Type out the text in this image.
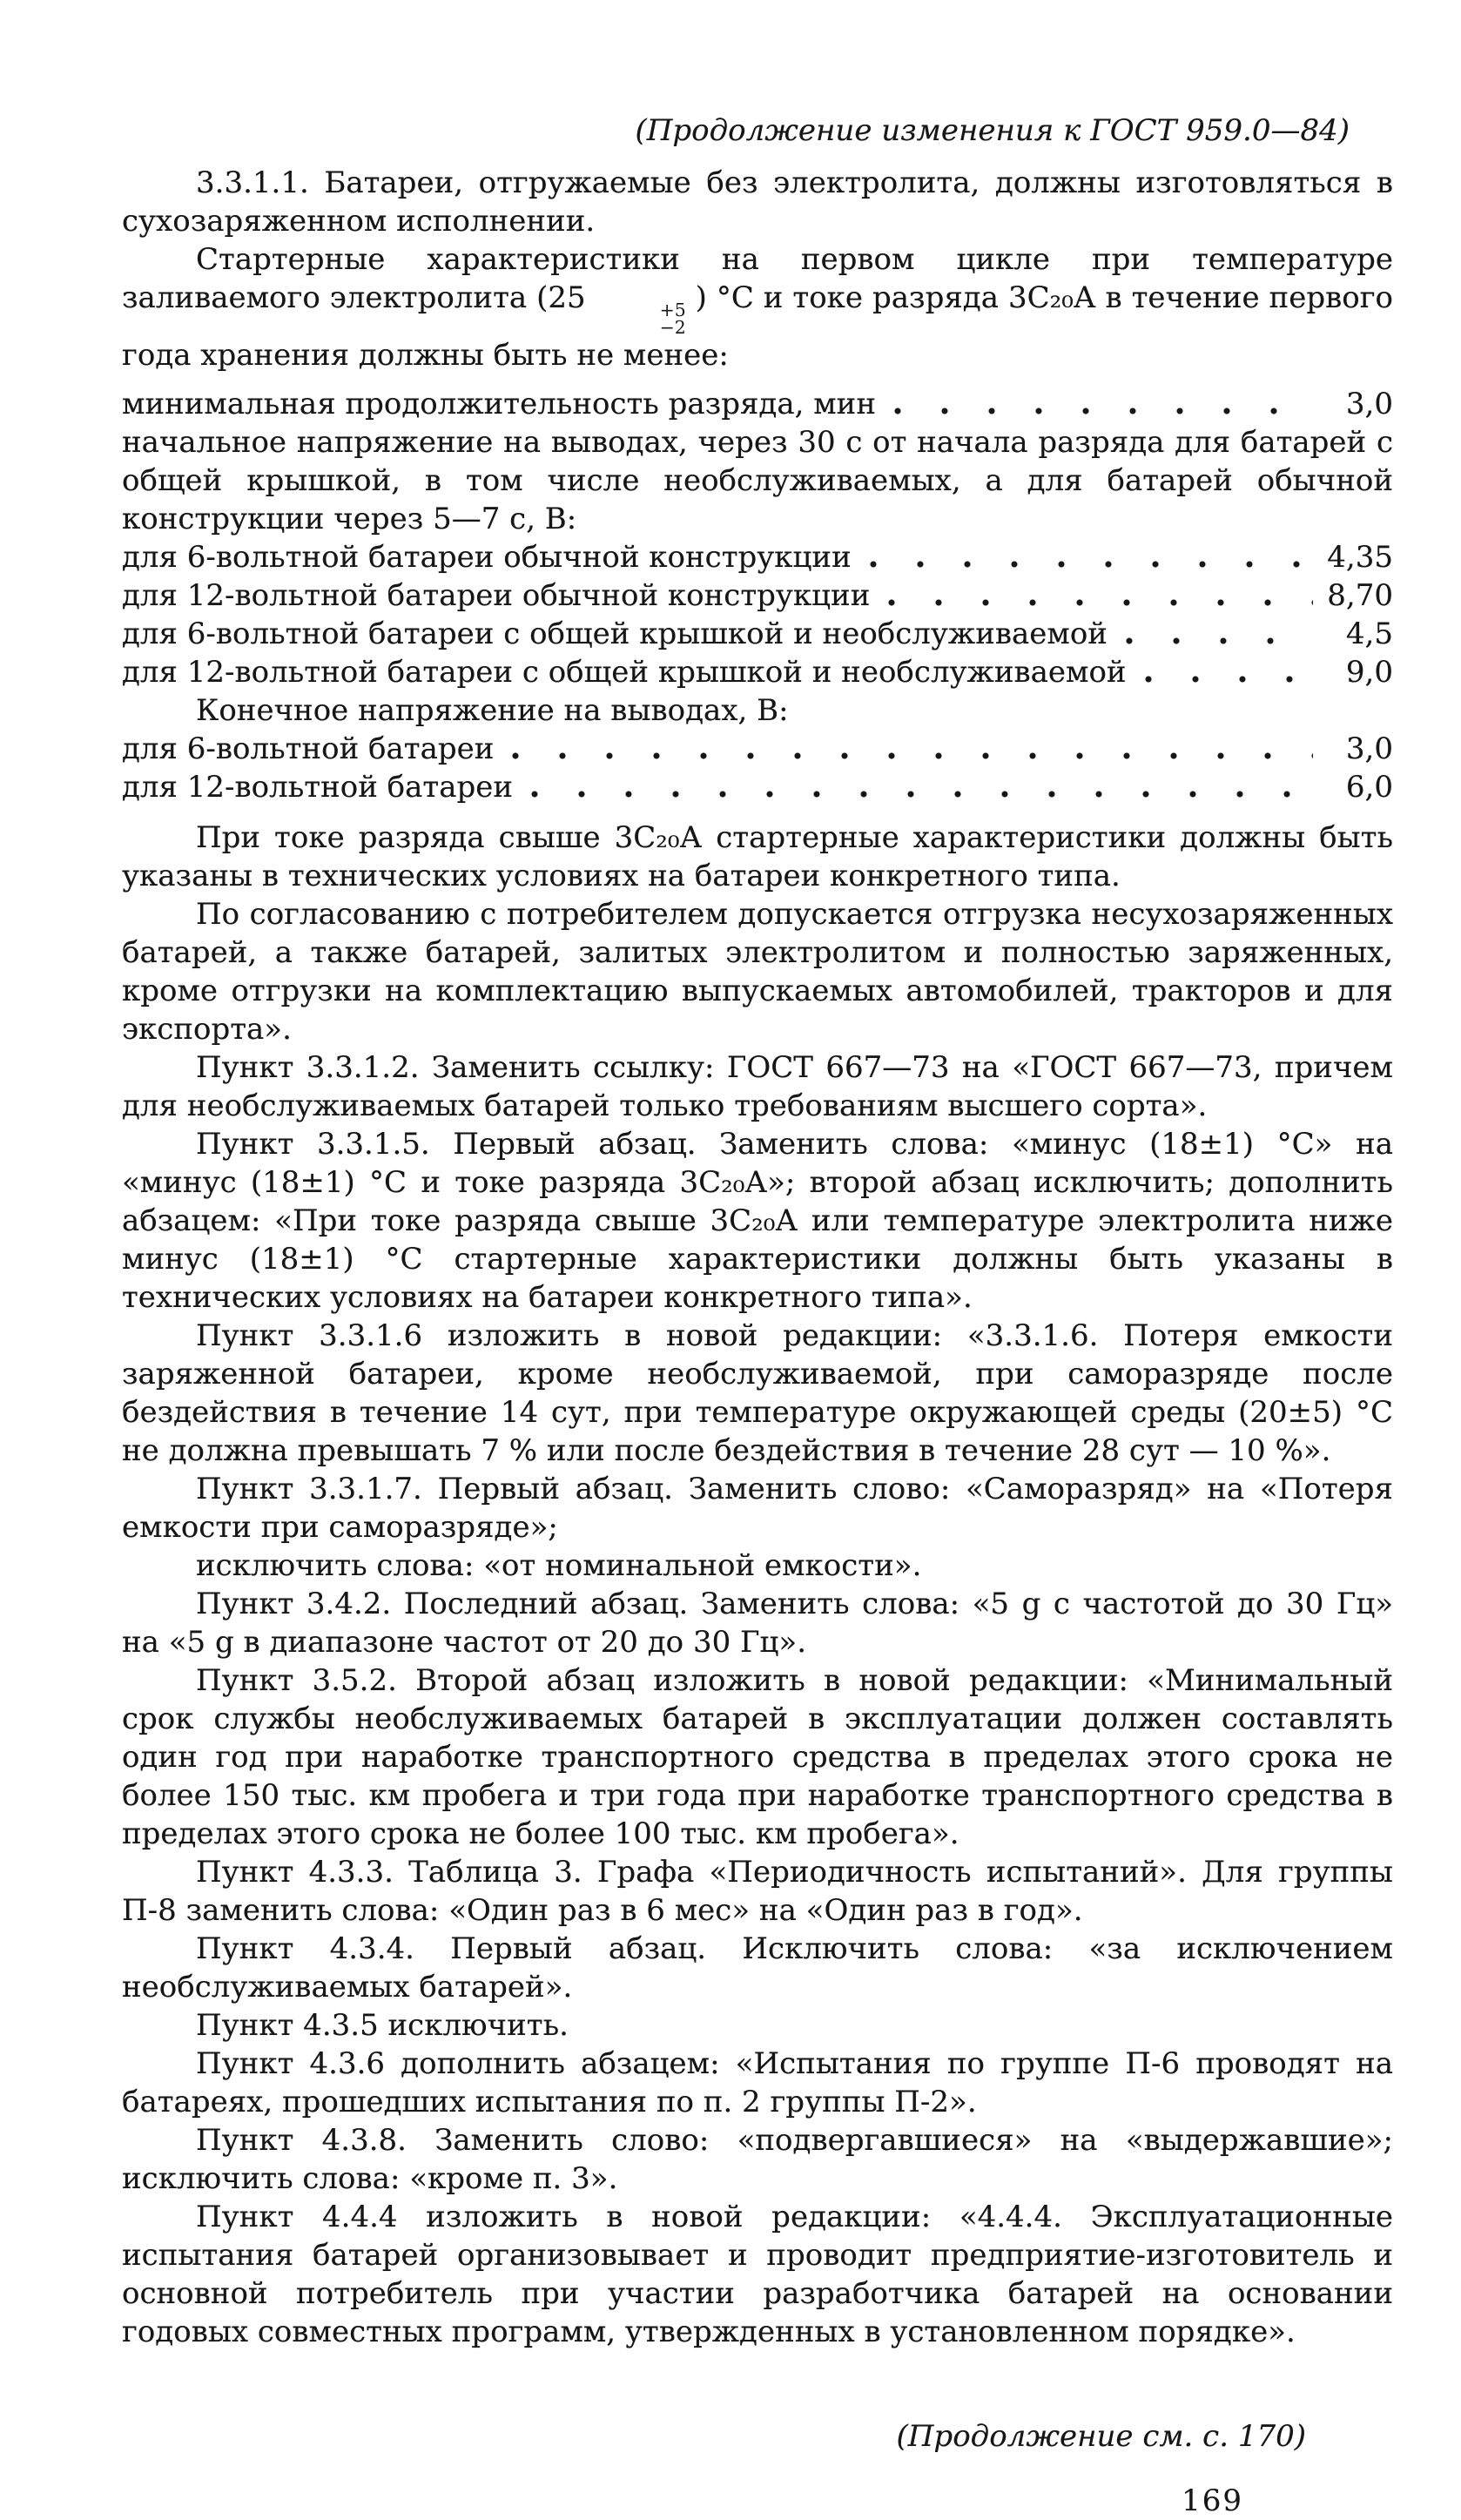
(Продолжение изменения к ГОСТ 959.0—84)

3.3.1.1. Батареи, отгружаемые без электролита, должны изготовляться в сухозаряженном исполнении.

Стартерные характеристики на первом цикле при температуре заливаемого электролита (25	+5
−2
) °С и токе разряда 3С₂₀А в течение первого года хранения должны быть не менее:

минимальная продолжительность разряда, мин	3,0

начальное напряжение на выводах, через 30 с от начала разряда для батарей с общей крышкой, в том числе необслуживаемых, а для батарей обычной конструкции через 5—7 с, В:

для 6-вольтной батареи обычной конструкции	4,35
для 12-вольтной батареи обычной конструкции	8,70
для 6-вольтной батареи с общей крышкой и необслуживаемой	4,5
для 12-вольтной батареи с общей крышкой и необслуживаемой	9,0

Конечное напряжение на выводах, В:

для 6-вольтной батареи	3,0
для 12-вольтной батареи	6,0

При токе разряда свыше 3С₂₀А стартерные характеристики должны быть указаны в технических условиях на батареи конкретного типа.

По согласованию с потребителем допускается отгрузка несухозаряженных батарей, а также батарей, залитых электролитом и полностью заряженных, кроме отгрузки на комплектацию выпускаемых автомобилей, тракторов и для экспорта».

Пункт 3.3.1.2. Заменить ссылку: ГОСТ 667—73 на «ГОСТ 667—73, причем для необслуживаемых батарей только требованиям высшего сорта».

Пункт 3.3.1.5. Первый абзац. Заменить слова: «минус (18±1) °С» на «минус (18±1) °С и токе разряда 3С₂₀А»; второй абзац исключить; дополнить абзацем: «При токе разряда свыше 3С₂₀А или температуре электролита ниже минус (18±1) °С стартерные характеристики должны быть указаны в технических условиях на батареи конкретного типа».

Пункт 3.3.1.6 изложить в новой редакции: «3.3.1.6. Потеря емкости заряженной батареи, кроме необслуживаемой, при саморазряде после бездействия в течение 14 сут, при температуре окружающей среды (20±5) °С не должна превышать 7 % или после бездействия в течение 28 сут — 10 %».

Пункт 3.3.1.7. Первый абзац. Заменить слово: «Саморазряд» на «Потеря емкости при саморазряде»;

исключить слова: «от номинальной емкости».

Пункт 3.4.2. Последний абзац. Заменить слова: «5 g с частотой до 30 Гц» на «5 g в диапазоне частот от 20 до 30 Гц».

Пункт 3.5.2. Второй абзац изложить в новой редакции: «Минимальный срок службы необслуживаемых батарей в эксплуатации должен составлять один год при наработке транспортного средства в пределах этого срока не более 150 тыс. км пробега и три года при наработке транспортного средства в пределах этого срока не более 100 тыс. км пробега».

Пункт 4.3.3. Таблица 3. Графа «Периодичность испытаний». Для группы П-8 заменить слова: «Один раз в 6 мес» на «Один раз в год».

Пункт 4.3.4. Первый абзац. Исключить слова: «за исключением необслуживаемых батарей».

Пункт 4.3.5 исключить.

Пункт 4.3.6 дополнить абзацем: «Испытания по группе П-6 проводят на батареях, прошедших испытания по п. 2 группы П-2».

Пункт 4.3.8. Заменить слово: «подвергавшиеся» на «выдержавшие»; исключить слова: «кроме п. 3».

Пункт 4.4.4 изложить в новой редакции: «4.4.4. Эксплуатационные испытания батарей организовывает и проводит предприятие-изготовитель и основной потребитель при участии разработчика батарей на основании годовых совместных программ, утвержденных в установленном порядке».

(Продолжение см. с. 170)
169
